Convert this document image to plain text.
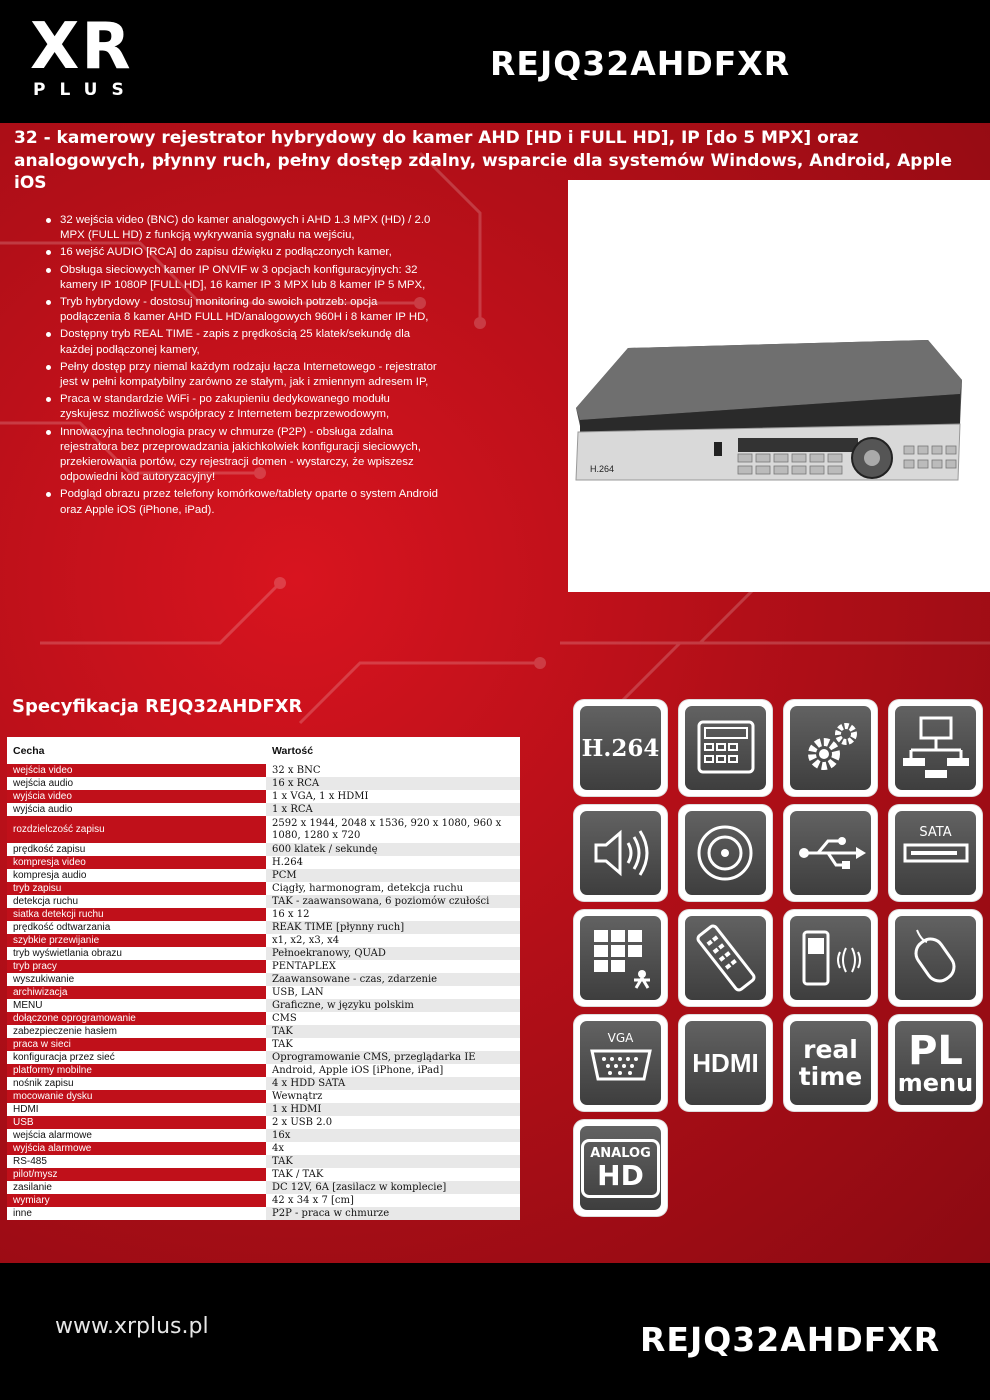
XR
PLUS
REJQ32AHDFXR
32 - kamerowy rejestrator hybrydowy do kamer AHD [HD i FULL HD], IP [do 5 MPX] oraz analogowych, płynny ruch, pełny dostęp zdalny, wsparcie dla systemów Windows, Android, Apple iOS
H.264
32 wejścia video (BNC) do kamer analogowych i AHD 1.3 MPX (HD) / 2.0 MPX (FULL HD) z funkcją wykrywania sygnału na wejściu,
16 wejść AUDIO [RCA] do zapisu dźwięku z podłączonych kamer,
Obsługa sieciowych kamer IP ONVIF w 3 opcjach konfiguracyjnych: 32 kamery IP 1080P [FULL HD], 16 kamer IP 3 MPX lub 8 kamer IP 5 MPX,
Tryb hybrydowy - dostosuj monitoring do swoich potrzeb: opcja podłączenia 8 kamer AHD FULL HD/analogowych 960H i 8 kamer IP HD,
Dostępny tryb REAL TIME - zapis z prędkością 25 klatek/sekundę dla każdej podłączonej kamery,
Pełny dostęp przy niemal każdym rodzaju łącza Internetowego - rejestrator jest w pełni kompatybilny zarówno ze stałym, jak i zmiennym adresem IP,
Praca w standardzie WiFi - po zakupieniu dedykowanego modułu zyskujesz możliwość współpracy z Internetem bezprzewodowym,
Innowacyjna technologia pracy w chmurze (P2P) - obsługa zdalna rejestratora bez przeprowadzania jakichkolwiek konfiguracji sieciowych, przekierowania portów, czy rejestracji domen - wystarczy, że wpiszesz odpowiedni kod autoryzacyjny!
Podgląd obrazu przez telefony komórkowe/tablety oparte o system Android oraz Apple iOS (iPhone, iPad).
Specyfikacja REJQ32AHDFXR
Cecha	Wartość
wejścia video	32 x BNC
wejścia audio	16 x RCA
wyjścia video	1 x VGA, 1 x HDMI
wyjścia audio	1 x RCA
rozdzielczość zapisu	2592 x 1944, 2048 x 1536, 920 x 1080, 960 x 1080, 1280 x 720
prędkość zapisu	600 klatek / sekundę
kompresja video	H.264
kompresja audio	PCM
tryb zapisu	Ciągły, harmonogram, detekcja ruchu
detekcja ruchu	TAK - zaawansowana, 6 poziomów czułości
siatka detekcji ruchu	16 x 12
prędkość odtwarzania	REAK TIME [płynny ruch]
szybkie przewijanie	x1, x2, x3, x4
tryb wyświetlania obrazu	Pełnoekranowy, QUAD
tryb pracy	PENTAPLEX
wyszukiwanie	Zaawansowane - czas, zdarzenie
archiwizacja	USB, LAN
MENU	Graficzne, w języku polskim
dołączone oprogramowanie	CMS
zabezpieczenie hasłem	TAK
praca w sieci	TAK
konfiguracja przez sieć	Oprogramowanie CMS, przeglądarka IE
platformy mobilne	Android, Apple iOS [iPhone, iPad]
nośnik zapisu	4 x HDD SATA
mocowanie dysku	Wewnątrz
HDMI	1 x HDMI
USB	2 x USB 2.0
wejścia alarmowe	16x
wyjścia alarmowe	4x
RS-485	TAK
pilot/mysz	TAK / TAK
zasilanie	DC 12V, 6A [zasilacz w komplecie]
wymiary	42 x 34 x 7 [cm]
inne	P2P - praca w chmurze
H.264
SATA
VGA
HDMI real
time
PL
menu
ANALOG
HD
www.xrplus.pl	REJQ32AHDFXR
